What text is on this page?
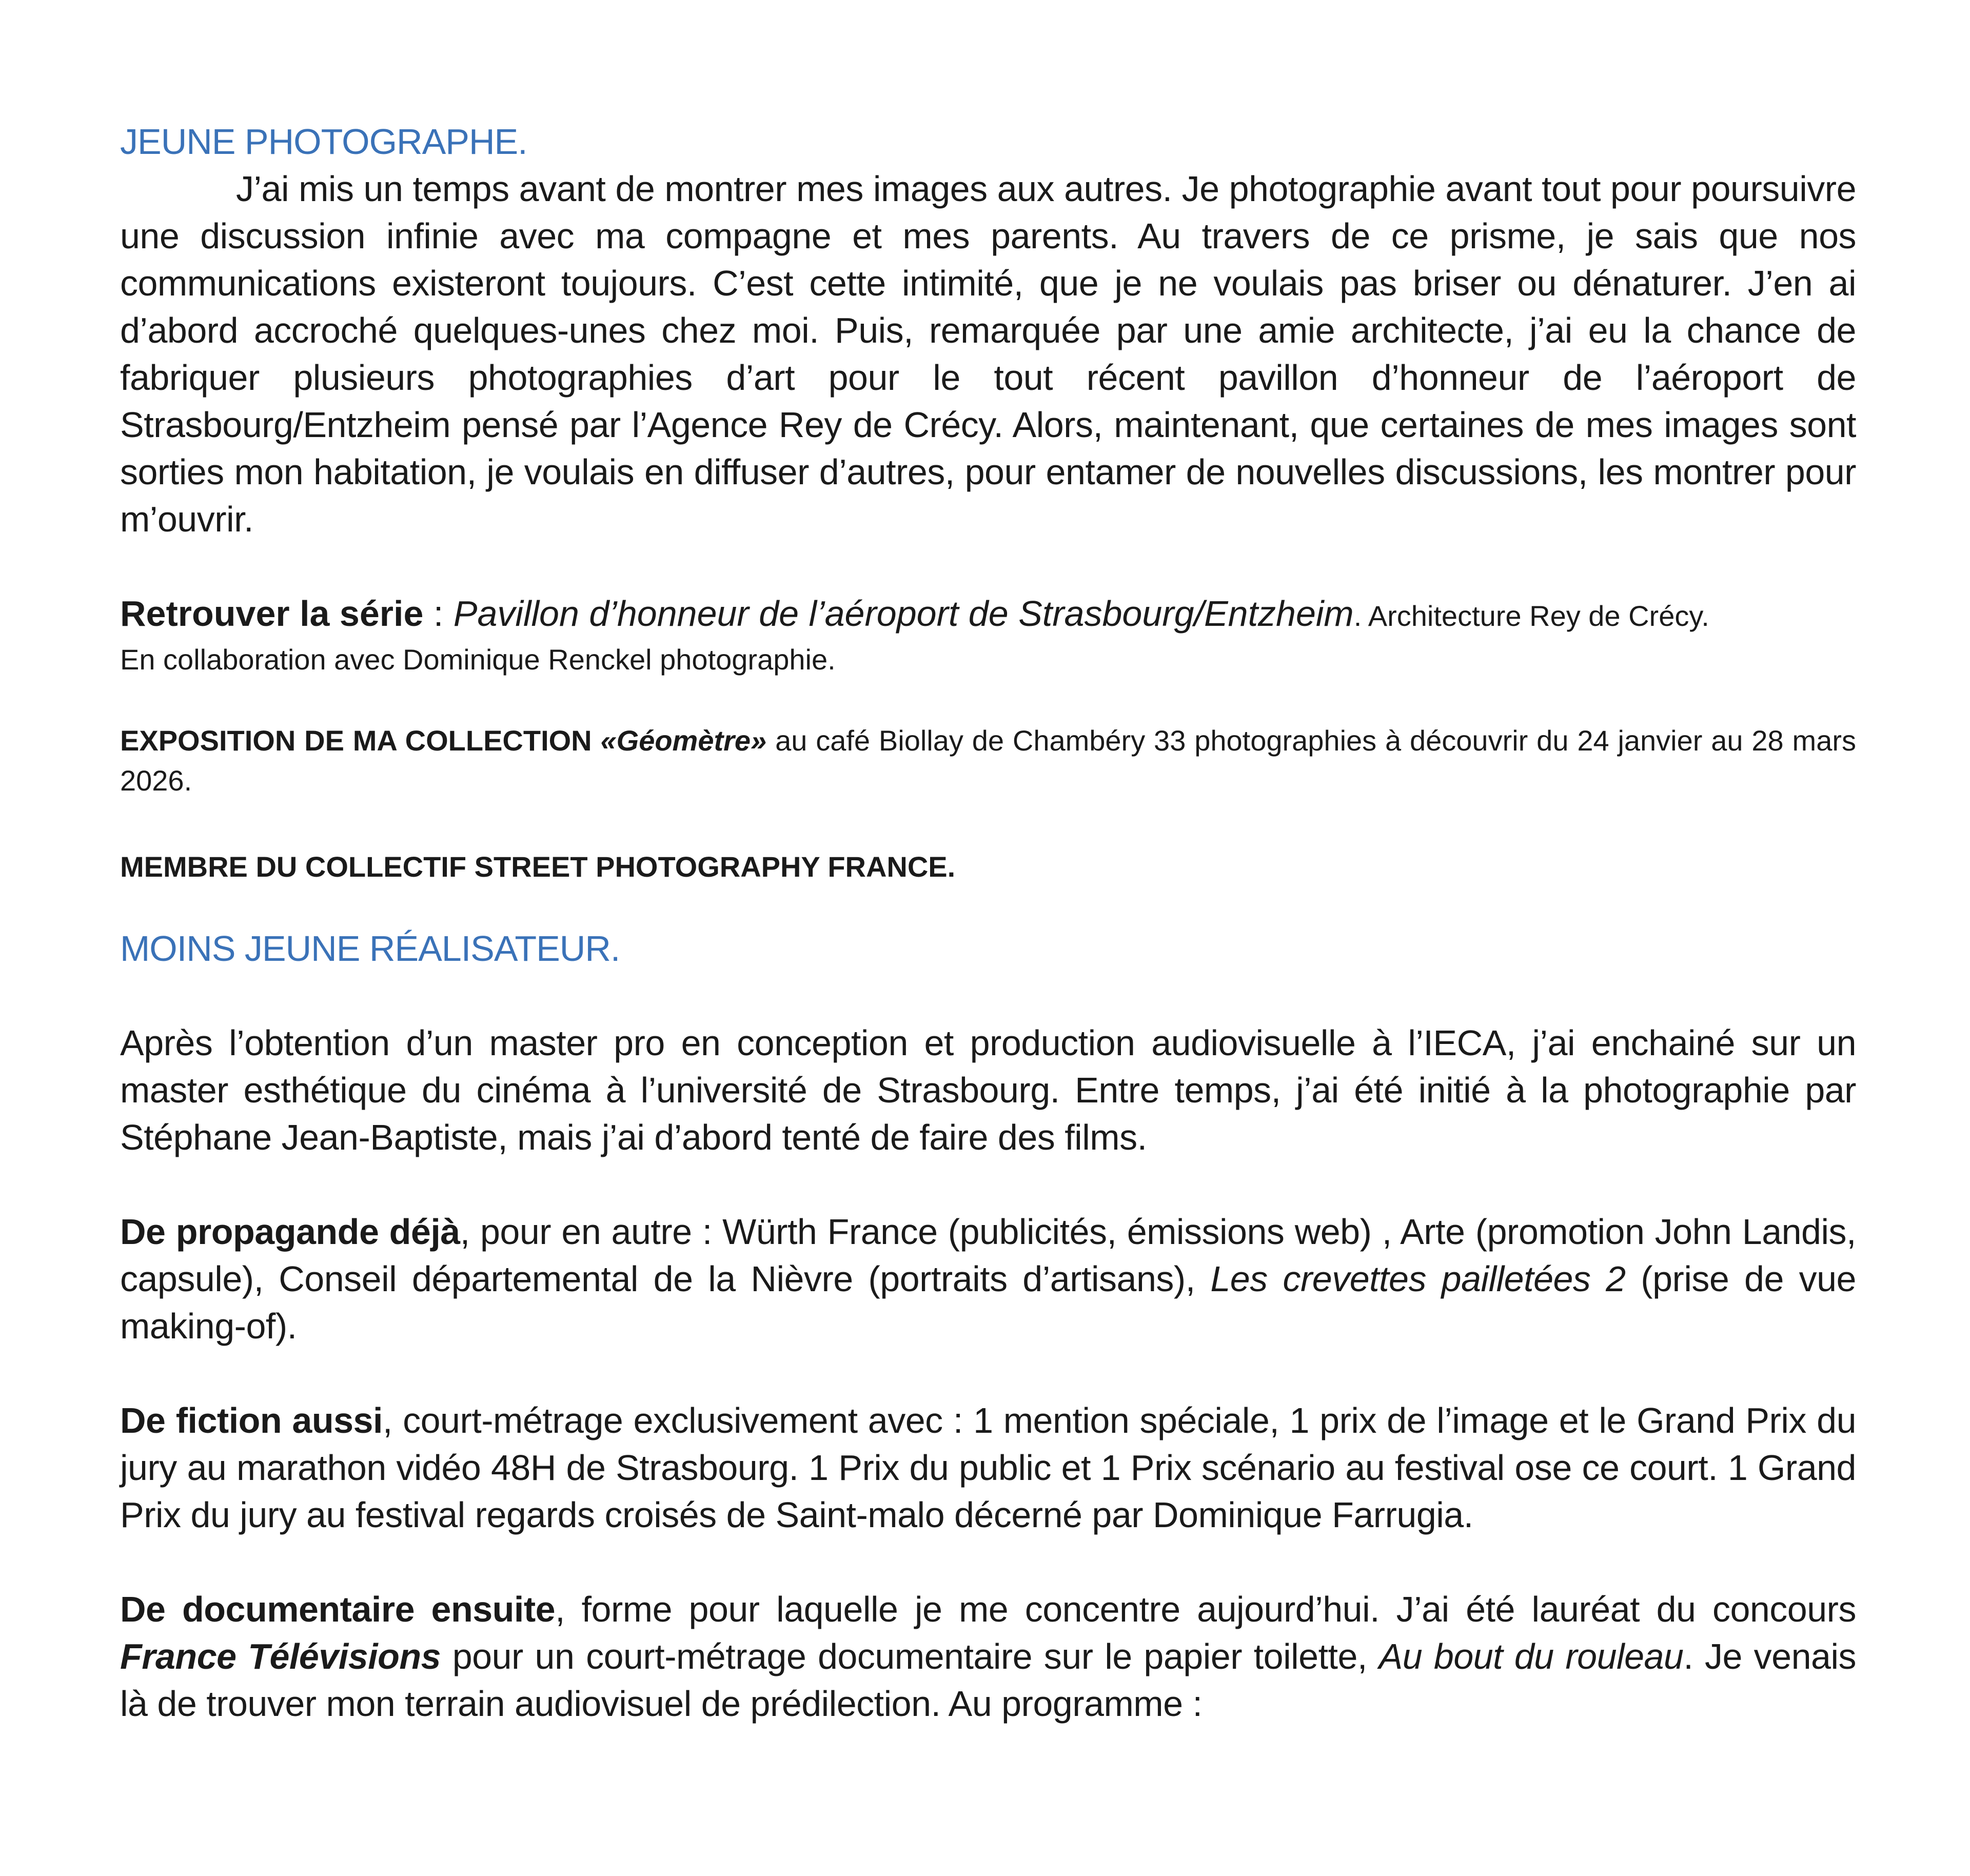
JEUNE PHOTOGRAPHE.

J’ai mis un temps avant de montrer mes images aux autres. Je photographie avant tout pour poursuivre une discussion infinie avec ma compagne et mes parents. Au travers de ce prisme, je sais que nos communications existeront toujours. C’est cette intimité, que je ne voulais pas briser ou dénaturer. J’en ai d’abord accroché quelques-unes chez moi. Puis, remarquée par une amie architecte, j’ai eu la chance de fabriquer plusieurs photographies d’art pour le tout récent pavillon d’honneur de l’aéroport de Strasbourg/Entzheim pensé par l’Agence Rey de Crécy. Alors, maintenant, que certaines de mes images sont sorties mon habitation, je voulais en diffuser d’autres, pour entamer de nouvelles discussions, les montrer pour m’ouvrir.

Retrouver la série : Pavillon d’honneur de l’aéroport de Strasbourg/Entzheim. Architecture Rey de Crécy.

En collaboration avec Dominique Renckel photographie.

EXPOSITION DE MA COLLECTION «Géomètre» au café Biollay de Chambéry 33 photographies à découvrir du 24 janvier au 28 mars 2026.

MEMBRE DU COLLECTIF STREET PHOTOGRAPHY FRANCE.

MOINS JEUNE RÉALISATEUR.

Après l’obtention d’un master pro en conception et production audiovisuelle à l’IECA, j’ai enchainé sur un master esthétique du cinéma à l’université de Strasbourg. Entre temps, j’ai été initié à la photographie par Stéphane Jean-Baptiste, mais j’ai d’abord tenté de faire des films.

De propagande déjà, pour en autre : Würth France (publicités, émissions web) , Arte (promotion John Landis, capsule), Conseil départemental de la Nièvre (portraits d’artisans), Les crevettes pailletées 2 (prise de vue making-of).

De fiction aussi, court-métrage exclusivement avec : 1 mention spéciale, 1 prix de l’image et le Grand Prix du jury au marathon vidéo 48H de Strasbourg. 1 Prix du public et 1 Prix scénario au festival ose ce court. 1 Grand Prix du jury au festival regards croisés de Saint-malo décerné par Dominique Farrugia.

De documentaire ensuite, forme pour laquelle je me concentre aujourd’hui. J’ai été lauréat du concours France Télévisions pour un court-métrage documentaire sur le papier toilette, Au bout du rouleau. Je venais là de trouver mon terrain audiovisuel de prédilection. Au programme :
